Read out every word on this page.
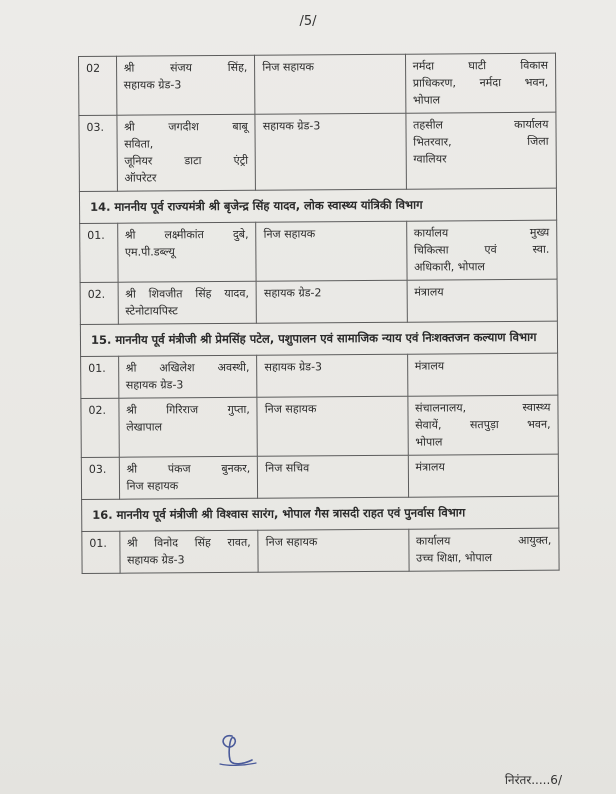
/5/
02	श्री संजय सिंह,
सहायक ग्रेड-3	निज सहायक	नर्मदा घाटी विकास
प्राधिकरण, नर्मदा भवन,
भोपाल

03.	श्री जगदीश बाबू
सविता,
जूनियर डाटा एंट्री
ऑपरेटर	सहायक ग्रेड-3	तहसील कार्यालय
भितरवार, जिला
ग्वालियर

14. माननीय पूर्व राज्यमंत्री श्री बृजेन्द्र सिंह यादव, लोक स्वास्थ्य यांत्रिकी विभाग			
01.	श्री लक्ष्मीकांत दुबे,
एम.पी.डब्ल्यू	निज सहायक	कार्यालय मुख्य
चिकित्सा एवं स्वा.
अधिकारी, भोपाल

02.	श्री शिवजीत सिंह यादव,
स्टेनोटायपिस्ट	सहायक ग्रेड-2	मंत्रालय

15. माननीय पूर्व मंत्रीजी श्री प्रेमसिंह पटेल, पशुपालन एवं सामाजिक न्याय एवं निःशक्तजन कल्याण विभाग			
01.	श्री अखिलेश अवस्थी,
सहायक ग्रेड-3	सहायक ग्रेड-3	मंत्रालय

02.	श्री गिरिराज गुप्ता,
लेखापाल	निज सहायक	संचालनालय, स्वास्थ्य
सेवायें, सतपुड़ा भवन,
भोपाल

03.	श्री पंकज बुनकर,
निज सहायक	निज सचिव	मंत्रालय

16. माननीय पूर्व मंत्रीजी श्री विश्वास सारंग, भोपाल गैस त्रासदी राहत एवं पुनर्वास विभाग			
01.	श्री विनोद सिंह रावत,
सहायक ग्रेड-3	निज सहायक	कार्यालय आयुक्त,
उच्च शिक्षा, भोपाल
निरंतर.....6/
